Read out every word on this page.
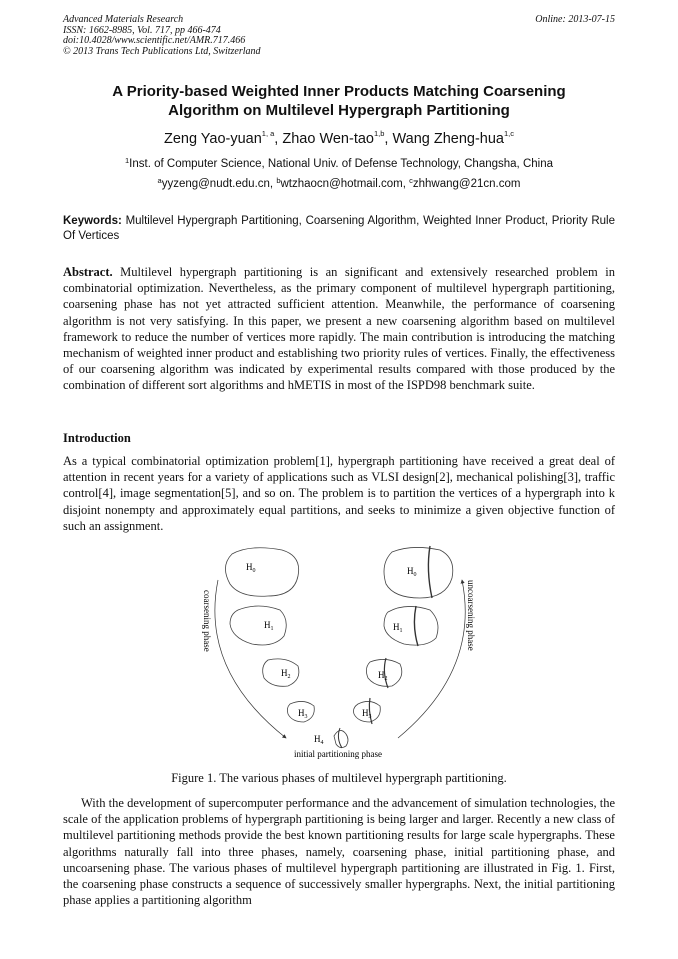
Advanced Materials Research
ISSN: 1662-8985, Vol. 717, pp 466-474
doi:10.4028/www.scientific.net/AMR.717.466
© 2013 Trans Tech Publications Ltd, Switzerland
Online: 2013-07-15
A Priority-based Weighted Inner Products Matching Coarsening
Algorithm on Multilevel Hypergraph Partitioning
Zeng Yao-yuan$^{1, a}$, Zhao Wen-tao$^{1,b}$, Wang Zheng-hua$^{1,c}$
$^1$Inst. of Computer Science, National Univ. of Defense Technology, Changsha, China
$^a$yyzeng@nudt.edu.cn, $^b$wtzhaocn@hotmail.com, $^c$zhhwang@21cn.com
Keywords: Multilevel Hypergraph Partitioning, Coarsening Algorithm, Weighted Inner Product, Priority Rule Of Vertices
Abstract. Multilevel hypergraph partitioning is an significant and extensively researched problem in combinatorial optimization. Nevertheless, as the primary component of multilevel hypergraph partitioning, coarsening phase has not yet attracted sufficient attention. Meanwhile, the performance of coarsening algorithm is not very satisfying. In this paper, we present a new coarsening algorithm based on multilevel framework to reduce the number of vertices more rapidly. The main contribution is introducing the matching mechanism of weighted inner product and establishing two priority rules of vertices. Finally, the effectiveness of our coarsening algorithm was indicated by experimental results compared with those produced by the combination of different sort algorithms and hMETIS in most of the ISPD98 benchmark suite.
Introduction
As a typical combinatorial optimization problem[1], hypergraph partitioning have received a great deal of attention in recent years for a variety of applications such as VLSI design[2], mechanical polishing[3], traffic control[4], image segmentation[5], and so on. The problem is to partition the vertices of a hypergraph into k disjoint nonempty and approximately equal partitions, and seeks to minimize a given objective function of such an assignment.
$H_0$	$H_0$
$H_1$	$H_1$
$H_2$	$H_2$
$H_3$	$H_3$
$H_4$
initial partitioning phase
coarsening phase	uncoarsening phase
Figure 1. The various phases of multilevel hypergraph partitioning.
With the development of supercomputer performance and the advancement of simulation technologies, the scale of the application problems of hypergraph partitioning is being larger and larger. Recently a new class of multilevel partitioning methods provide the best known partitioning results for large scale hypergraphs. These algorithms naturally fall into three phases, namely, coarsening phase, initial partitioning phase, and uncoarsening phase. The various phases of multilevel hypergraph partitioning are illustrated in Fig. 1. First, the coarsening phase constructs a sequence of successively smaller hypergraphs. Next, the initial partitioning phase applies a partitioning algorithm
